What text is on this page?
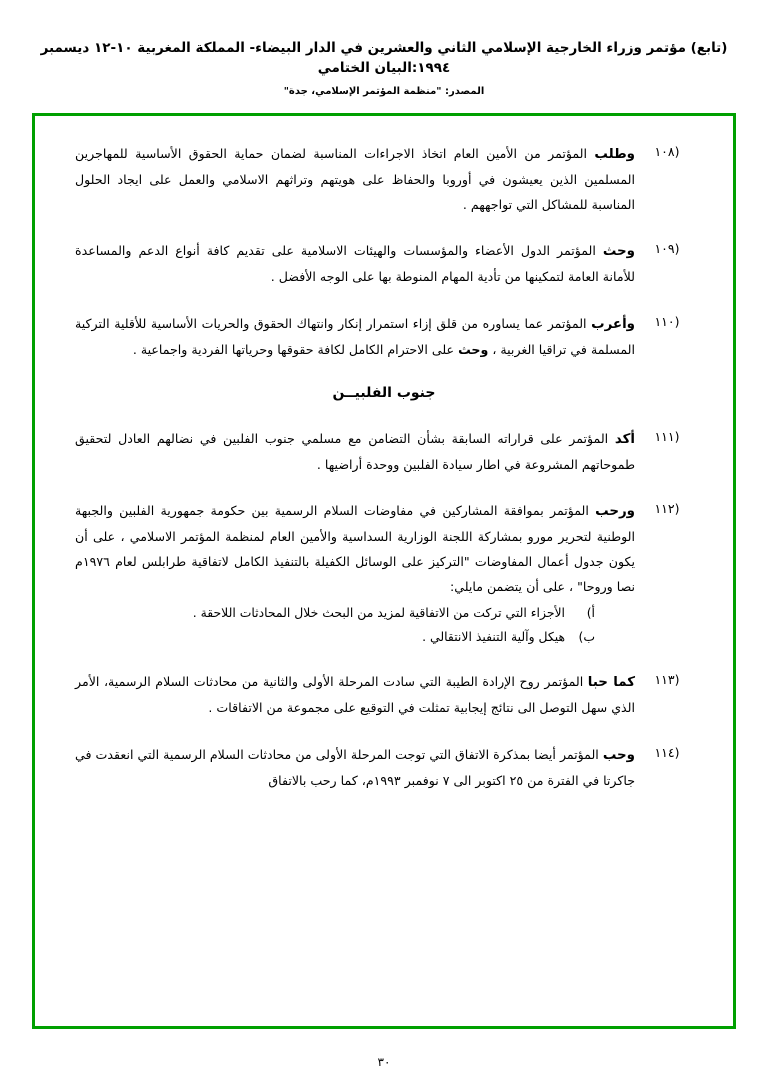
(تابع) مؤتمر وزراء الخارجية الإسلامي الثاني والعشرين في الدار البيضاء- المملكة المغربية ١٠-١٢ ديسمبر ١٩٩٤:البيان الختامي
المصدر: "منظمة المؤتمر الإسلامي، جدة"
(١٠٨
وطلب المؤتمر من الأمين العام اتخاذ الاجراءات المناسبة لضمان حماية الحقوق الأساسية للمهاجرين المسلمين الذين يعيشون في أوروبا والحفاظ على هويتهم وتراثهم الاسلامي والعمل على ايجاد الحلول المناسبة للمشاكل التي تواجههم .
(١٠٩
وحث المؤتمر الدول الأعضاء والمؤسسات والهيئات الاسلامية على تقديم كافة أنواع الدعم والمساعدة للأمانة العامة لتمكينها من تأدية المهام المنوطة بها على الوجه الأفضل .
(١١٠
وأعرب المؤتمر عما يساوره من قلق إزاء استمرار إنكار وانتهاك الحقوق والحريات الأساسية للأقلية التركية المسلمة في تراقيا الغربية ، وحث على الاحترام الكامل لكافة حقوقها وحرياتها الفردية واجماعية .
جنوب الفلبيــن
(١١١
أكد المؤتمر على قراراته السابقة بشأن التضامن مع مسلمي جنوب الفلبين في نضالهم العادل لتحقيق طموحاتهم المشروعة في اطار سيادة الفلبين ووحدة أراضيها .
(١١٢
ورحب المؤتمر بموافقة المشاركين في مفاوضات السلام الرسمية بين حكومة جمهورية الفلبين والجبهة الوطنية لتحرير مورو بمشاركة اللجنة الوزارية السداسية والأمين العام لمنظمة المؤتمر الاسلامي ، على أن يكون جدول أعمال المفاوضات "التركيز على الوسائل الكفيلة بالتنفيذ الكامل لاتفاقية طرابلس لعام ١٩٧٦م نصا وروحا" ، على أن يتضمن مايلي:
أ)
الأجزاء التي تركت من الاتفاقية لمزيد من البحث خلال المحادثات اللاحقة .
ب)
هيكل وآلية التنفيذ الانتقالي .
(١١٣
كما حبا المؤتمر روح الإرادة الطيبة التي سادت المرحلة الأولى والثانية من محادثات السلام الرسمية، الأمر الذي سهل التوصل الى نتائج إيجابية تمثلت في التوقيع على مجموعة من الاتفاقات .
(١١٤
وحب المؤتمر أيضا بمذكرة الاتفاق التي توجت المرحلة الأولى من محادثات السلام الرسمية التي انعقدت في جاكرتا في الفترة من ٢٥ اكتوبر الى ٧ نوفمبر ١٩٩٣م، كما رحب بالاتفاق
٣٠
